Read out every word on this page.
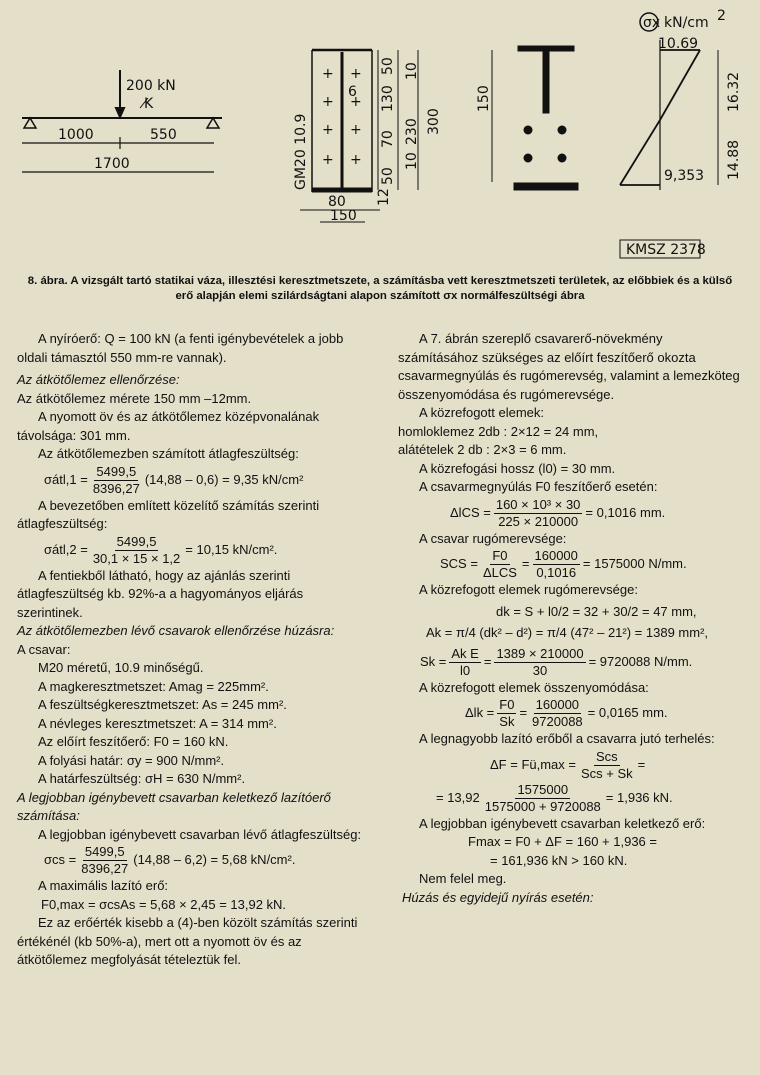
200 kN
K
1000	550
1700
+ +
+ +
+ +
+ +
6
GM20 10.9
50 10
130
230 300
70
10
50
12
80
150
150
σx kN/cm 2
10.69
16.32
14.88
9,353
KMSZ 2378
8. ábra. A vizsgált tartó statikai váza, illesztési keresztmetszete, a számításba vett keresztmetszeti területek, az előbbiek és a külső erő alapján elemi szilárdságtani alapon számított σx normálfeszültségi ábra

A nyíróerő: Q = 100 kN (a fenti igénybevételek a jobb oldali támasztól 550 mm-re vannak).

Az átkötőlemez ellenőrzése:

Az átkötőlemez mérete 150 mm –12mm.

A nyomott öv és az átkötőlemez középvonalának távolsága: 301 mm.

Az átkötőlemezben számított átlagfeszültség:

σátl,1 = $\frac{5499,5}{8396,27} (14,88 - 0,6) = 9,35$ kN/cm²

A bevezetőben említett közelítő számítás szerinti átlagfeszültség:

σátl,2 = $\frac{5499,5}{30,1 \times 15 \times 1,2} = 10,15$ kN/cm².

A fentiekből látható, hogy az ajánlás szerinti átlagfeszültség kb. 92%-a a hagyományos eljárás szerintinek.

Az átkötőlemezben lévő csavarok ellenőrzése húzásra:

A csavar:

M20 méretű, 10.9 minőségű.

A magkeresztmetszet: Amag = 225mm².

A feszültségkeresztmetszet: As = 245 mm².

A névleges keresztmetszet: A = 314 mm².

Az előírt feszítőerő: F0 = 160 kN.

A folyási határ: σy = 900 N/mm².

A határfeszültség: σH = 630 N/mm².

A legjobban igénybevett csavarban keletkező lazítóerő számítása:

A legjobban igénybevett csavarban lévő átlagfeszültség:

$\sigma cs = \frac{5499,5}{8396,27} (14,88 - 6,2) = 5,68$ kN/cm².

A maximális lazító erő:

F0,max = σcsAs = 5,68 × 2,45 = 13,92 kN.

Ez az erőérték kisebb a (4)-ben közölt számítás szerinti értékénél (kb 50%-a), mert ott a nyomott öv és az átkötőlemez megfolyását tételeztük fel.

A 7. ábrán szereplő csavarerő-növekmény számításához szükséges az előírt feszítőerő okozta csavarmegnyúlás és rugómerevség, valamint a lemezköteg összenyomódása és rugómerevsége.

A közrefogott elemek:

homloklemez 2db : 2×12 = 24 mm,

alátételek 2 db : 2×3 = 6 mm.

A közrefogási hossz (l0) = 30 mm.

A csavarmegnyúlás F0 feszítőerő esetén:

$\Delta lCS = \frac{\text{160 × 10³ × 30}}{225 \times 210000} = 0,1016$ mm.

A csavar rugómerevsége:

SCS = $\frac{F0}{\text{ΔLCS}} = \frac{160000}{0,1016} = 1575000$ N/mm.

A közrefogott elemek rugómerevsége:

dk = S + l0/2 = 32 + 30/2 = 47 mm,

Ak = π/4 (dk² – d²) = π/4 (47² – 21²) = 1389 mm²,

$Sk = \frac{\text{Ak E}}{l0} = \frac{1389 \times 210000}{30} = 9720088$ N/mm.

A közrefogott elemek összenyomódása:

$\Delta lk = \frac{F0}{Sk} = \frac{160000}{9720088} = 0,0165$ mm.

A legnagyobb lazító erőből a csavarra jutó terhelés:

ΔF = Fü,max = $\frac{\text{Scs}}{\text{Scs + Sk}}$ =
= $13,92 \frac{1575000}{1575000 + 9720088} = 1,936$ kN.

A legjobban igénybevett csavarban keletkező erő:

Fmax = F0 + ΔF = 160 + 1,936 =

= 161,936 kN > 160 kN.

Nem felel meg.

Húzás és egyidejű nyírás esetén:
